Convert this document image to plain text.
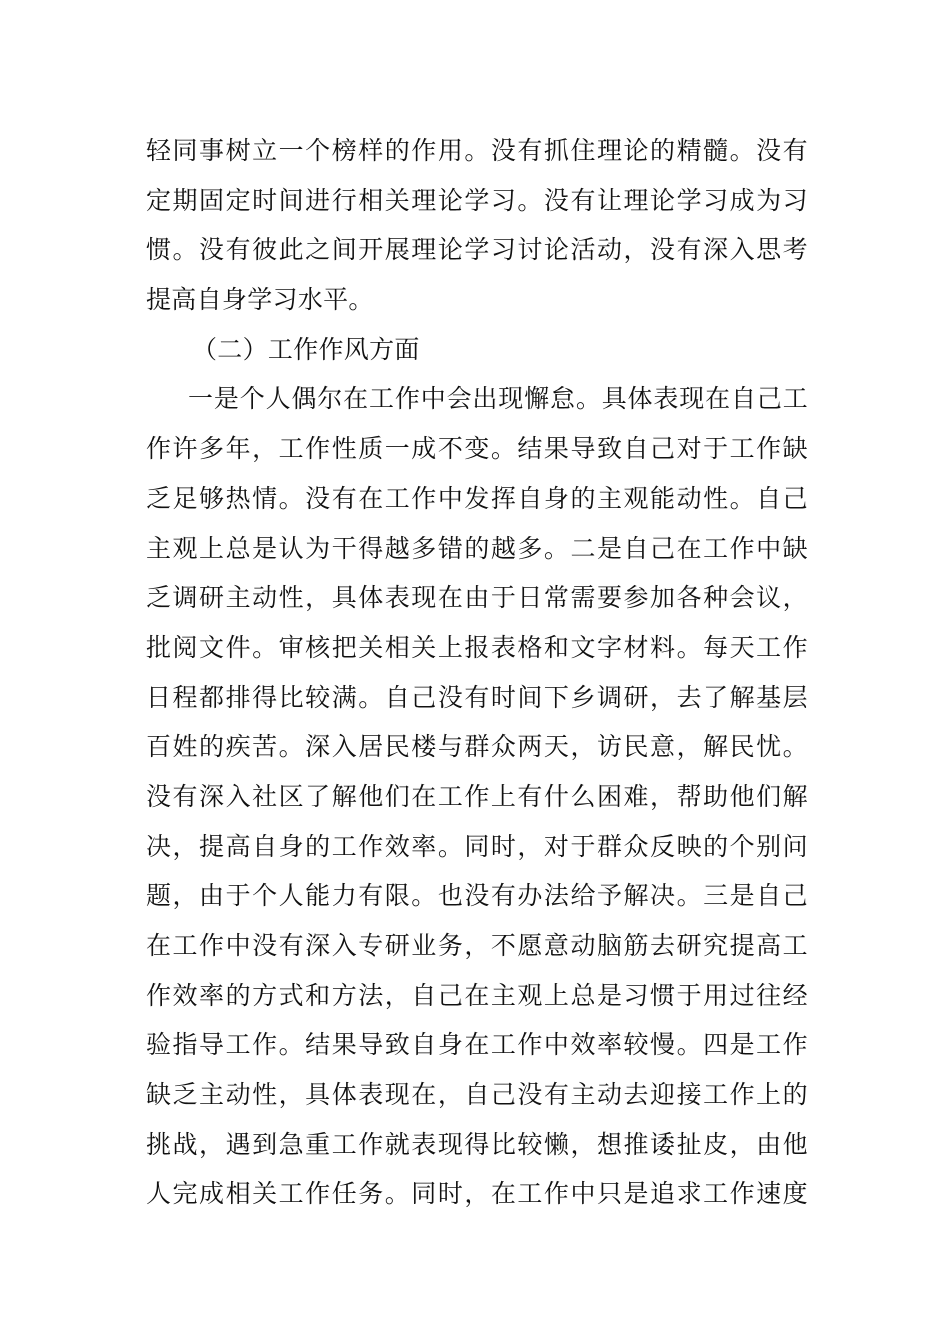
轻同事树立一个榜样的作用。没有抓住理论的精髓。没有
定期固定时间进行相关理论学习。没有让理论学习成为习
惯。没有彼此之间开展理论学习讨论活动，没有深入思考
提高自身学习水平。
（二）工作作风方面
一是个人偶尔在工作中会出现懈怠。具体表现在自己工
作许多年，工作性质一成不变。结果导致自己对于工作缺
乏足够热情。没有在工作中发挥自身的主观能动性。自己
主观上总是认为干得越多错的越多。二是自己在工作中缺
乏调研主动性，具体表现在由于日常需要参加各种会议，
批阅文件。审核把关相关上报表格和文字材料。每天工作
日程都排得比较满。自己没有时间下乡调研，去了解基层
百姓的疾苦。深入居民楼与群众两天，访民意，解民忧。
没有深入社区了解他们在工作上有什么困难，帮助他们解
决，提高自身的工作效率。同时，对于群众反映的个别问
题，由于个人能力有限。也没有办法给予解决。三是自己
在工作中没有深入专研业务，不愿意动脑筋去研究提高工
作效率的方式和方法，自己在主观上总是习惯于用过往经
验指导工作。结果导致自身在工作中效率较慢。四是工作
缺乏主动性，具体表现在，自己没有主动去迎接工作上的
挑战，遇到急重工作就表现得比较懒，想推诿扯皮，由他
人完成相关工作任务。同时，在工作中只是追求工作速度
